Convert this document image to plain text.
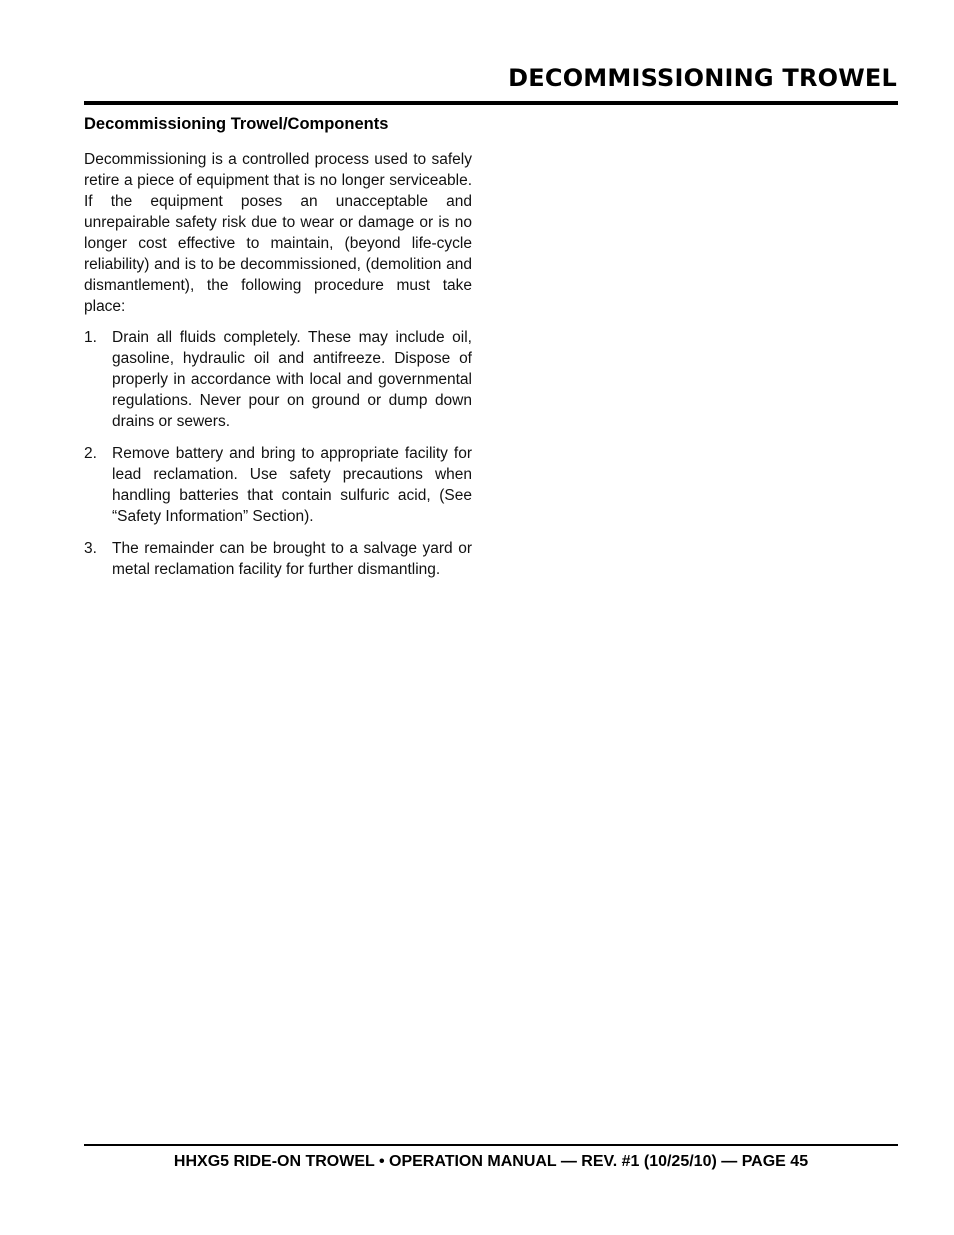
DECOMMISSIONING TROWEL
Decommissioning Trowel/Components

Decommissioning is a controlled process used to safely retire a piece of equipment that is no longer serviceable. If the equipment poses an unacceptable and unrepairable safety risk due to wear or damage or is no longer cost effective to maintain, (beyond life-cycle reliability) and is to be decommissioned, (demolition and dismantlement), the following procedure must take place:

1. Drain all fluids completely. These may include oil, gasoline, hydraulic oil and antifreeze. Dispose of properly in accordance with local and governmental regulations. Never pour on ground or dump down drains or sewers.
2. Remove battery and bring to appropriate facility for lead reclamation. Use safety precautions when handling batteries that contain sulfuric acid, (See “Safety Information” Section).
3. The remainder can be brought to a salvage yard or metal reclamation facility for further dismantling.
HHXG5 RIDE-ON TROWEL • OPERATION MANUAL — REV. #1 (10/25/10) — PAGE 45
